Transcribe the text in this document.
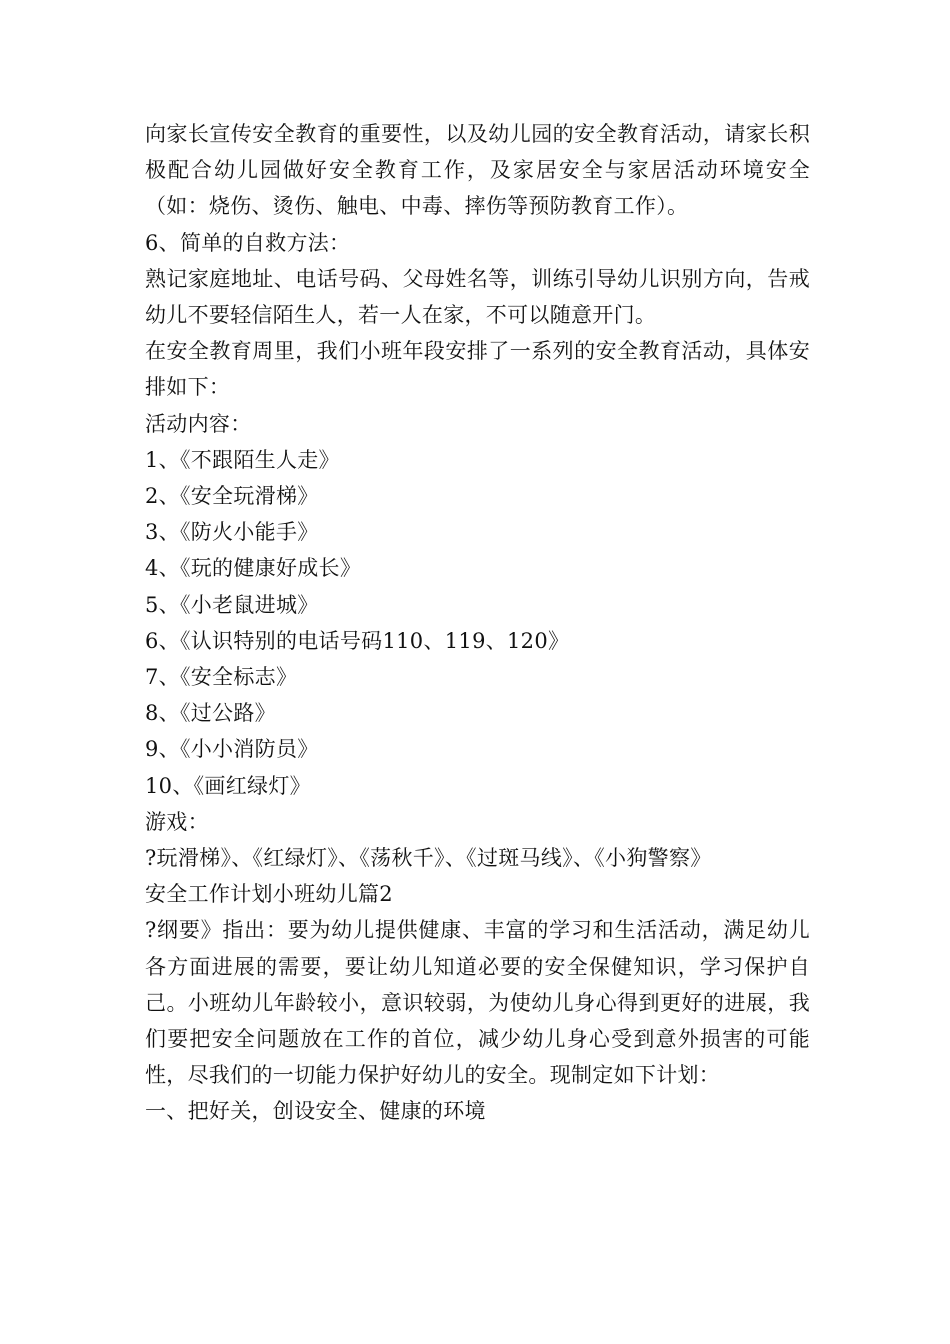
向家长宣传安全教育的重要性，以及幼儿园的安全教育活动，请家长积极配合幼儿园做好安全教育工作，及家居安全与家居活动环境安全（如：烧伤、烫伤、触电、中毒、摔伤等预防教育工作）。

6、简单的自救方法：

熟记家庭地址、电话号码、父母姓名等，训练引导幼儿识别方向，告戒幼儿不要轻信陌生人，若一人在家，不可以随意开门。

在安全教育周里，我们小班年段安排了一系列的安全教育活动，具体安排如下：

活动内容：

1、《不跟陌生人走》

2、《安全玩滑梯》

3、《防火小能手》

4、《玩的健康好成长》

5、《小老鼠进城》

6、《认识特别的电话号码110、119、120》

7、《安全标志》

8、《过公路》

9、《小小消防员》

10、《画红绿灯》

游戏：

?玩滑梯》、《红绿灯》、《荡秋千》、《过斑马线》、《小狗警察》

安全工作计划小班幼儿篇2

?纲要》指出：要为幼儿提供健康、丰富的学习和生活活动，满足幼儿各方面进展的需要，要让幼儿知道必要的安全保健知识，学习保护自己。小班幼儿年龄较小，意识较弱，为使幼儿身心得到更好的进展，我们要把安全问题放在工作的首位，减少幼儿身心受到意外损害的可能性，尽我们的一切能力保护好幼儿的安全。现制定如下计划：

一、把好关，创设安全、健康的环境
